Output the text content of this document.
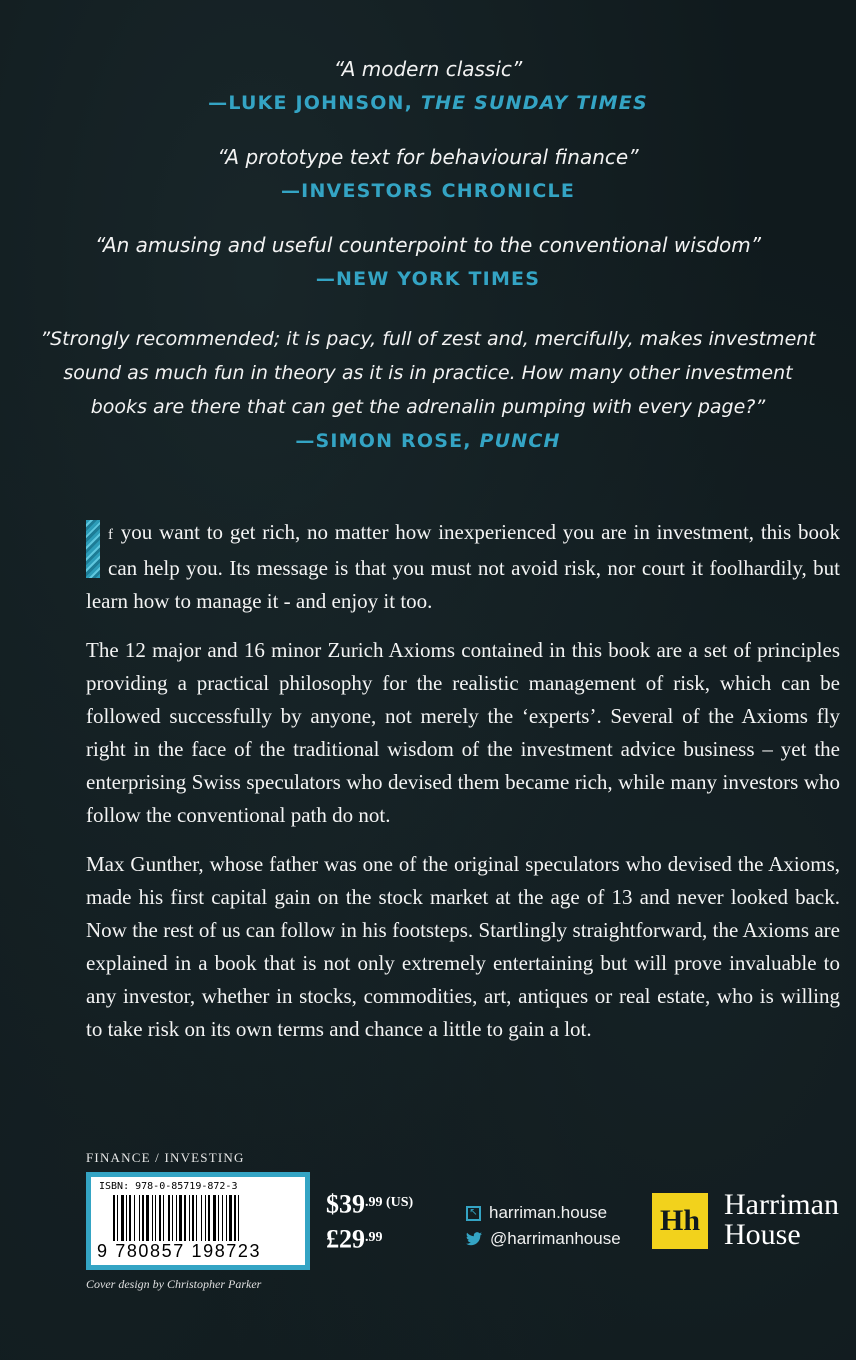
“A modern classic”

—LUKE JOHNSON, THE SUNDAY TIMES

“A prototype text for behavioural finance”

—INVESTORS CHRONICLE

“An amusing and useful counterpoint to the conventional wisdom”

—NEW YORK TIMES

”Strongly recommended; it is pacy, full of zest and, mercifully, makes investment

sound as much fun in theory as it is in practice. How many other investment

books are there that can get the adrenalin pumping with every page?”

—SIMON ROSE, PUNCH

f you want to get rich, no matter how inexperienced you are in investment, this book can help you. Its message is that you must not avoid risk, nor court it foolhardily, but learn how to manage it - and enjoy it too.

The 12 major and 16 minor Zurich Axioms contained in this book are a set of principles providing a practical philosophy for the realistic management of risk, which can be followed successfully by anyone, not merely the ‘experts’. Several of the Axioms fly right in the face of the traditional wisdom of the investment advice business – yet the enterprising Swiss speculators who devised them became rich, while many investors who follow the conventional path do not.

Max Gunther, whose father was one of the original speculators who devised the Axioms, made his first capital gain on the stock market at the age of 13 and never looked back. Now the rest of us can follow in his footsteps. Startlingly straightforward, the Axioms are explained in a book that is not only extremely entertaining but will prove invaluable to any investor, whether in stocks, commodities, art, antiques or real estate, who is willing to take risk on its own terms and chance a little to gain a lot.

FINANCE / INVESTING
ISBN: 978-0-85719-872-3
9 780857 198723
Cover design by Christopher Parker
$39.99 (US)
£29.99
↖ harriman.house
@harrimanhouse
Hh Harriman
House
